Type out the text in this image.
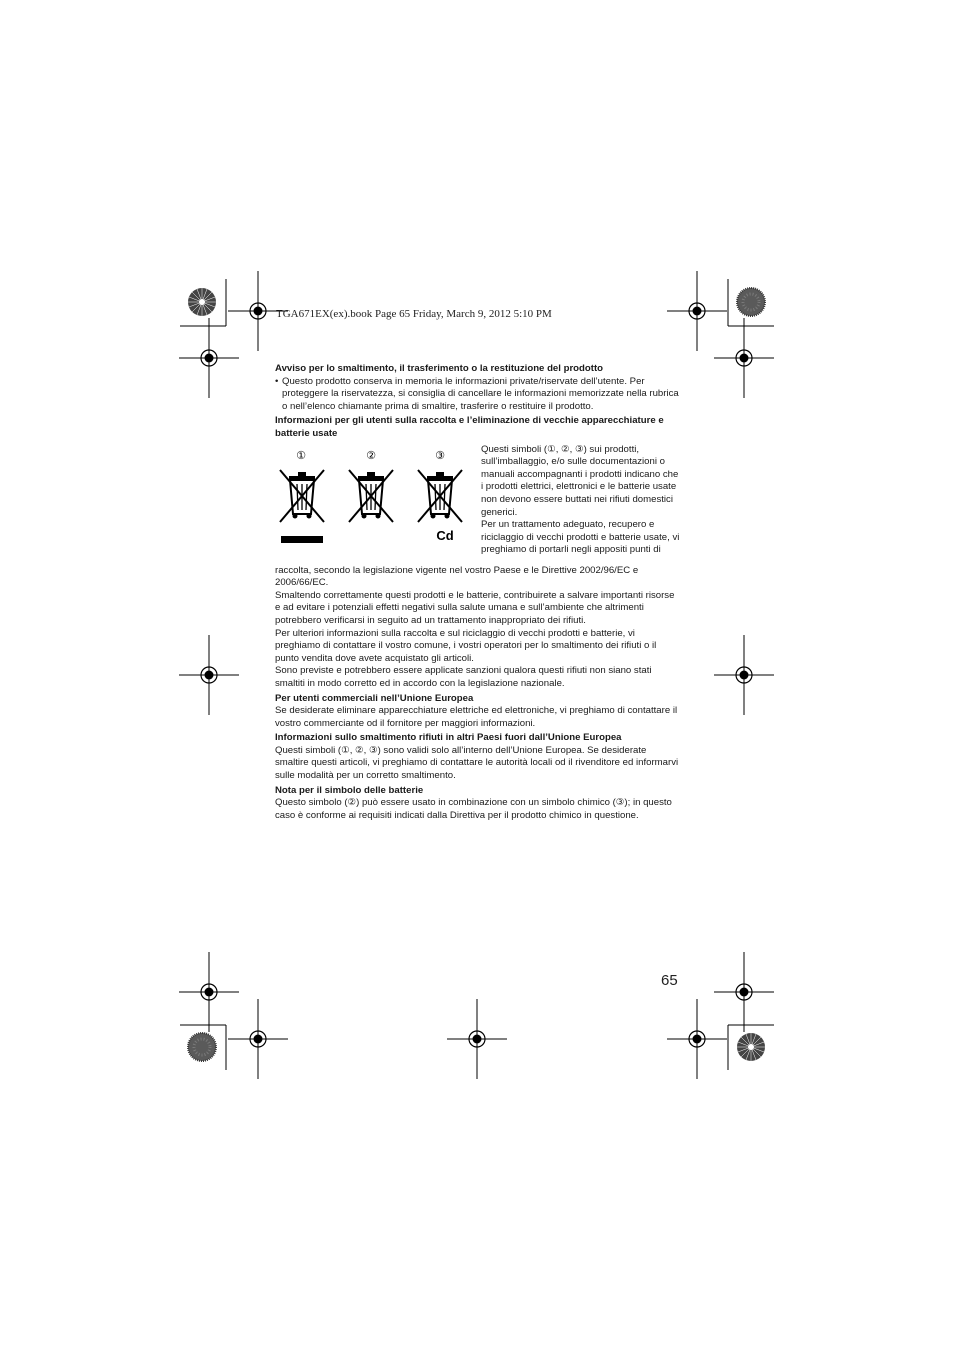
TGA671EX(ex).book Page 65 Friday, March 9, 2012 5:10 PM

Avviso per lo smaltimento, il trasferimento o la restituzione del prodotto

• Questo prodotto conserva in memoria le informazioni private/riservate dell’utente. Per proteggere la riservatezza, si consiglia di cancellare le informazioni memorizzate nella rubrica o nell’elenco chiamante prima di smaltire, trasferire o restituire il prodotto.

Informazioni per gli utenti sulla raccolta e l’eliminazione di vecchie apparecchiature e batterie usate

①	②	③
Cd

Questi simboli (①, ②, ③) sui prodotti, sull’imballaggio, e/o sulle documentazioni o manuali accompagnanti i prodotti indicano che i prodotti elettrici, elettronici e le batterie usate non devono essere buttati nei rifiuti domestici generici.

Per un trattamento adeguato, recupero e riciclaggio di vecchi prodotti e batterie usate, vi preghiamo di portarli negli appositi punti di

raccolta, secondo la legislazione vigente nel vostro Paese e le Direttive 2002/96/EC e 2006/66/EC.

Smaltendo correttamente questi prodotti e le batterie, contribuirete a salvare importanti risorse e ad evitare i potenziali effetti negativi sulla salute umana e sull’ambiente che altrimenti potrebbero verificarsi in seguito ad un trattamento inappropriato dei rifiuti.

Per ulteriori informazioni sulla raccolta e sul riciclaggio di vecchi prodotti e batterie, vi preghiamo di contattare il vostro comune, i vostri operatori per lo smaltimento dei rifiuti o il punto vendita dove avete acquistato gli articoli.

Sono previste e potrebbero essere applicate sanzioni qualora questi rifiuti non siano stati smaltiti in modo corretto ed in accordo con la legislazione nazionale.

Per utenti commerciali nell’Unione Europea

Se desiderate eliminare apparecchiature elettriche ed elettroniche, vi preghiamo di contattare il vostro commerciante od il fornitore per maggiori informazioni.

Informazioni sullo smaltimento rifiuti in altri Paesi fuori dall’Unione Europea

Questi simboli (①, ②, ③) sono validi solo all’interno dell’Unione Europea. Se desiderate smaltire questi articoli, vi preghiamo di contattare le autorità locali od il rivenditore ed informarvi sulle modalità per un corretto smaltimento.

Nota per il simbolo delle batterie

Questo simbolo (②) può essere usato in combinazione con un simbolo chimico (③); in questo caso è conforme ai requisiti indicati dalla Direttiva per il prodotto chimico in questione.

65
